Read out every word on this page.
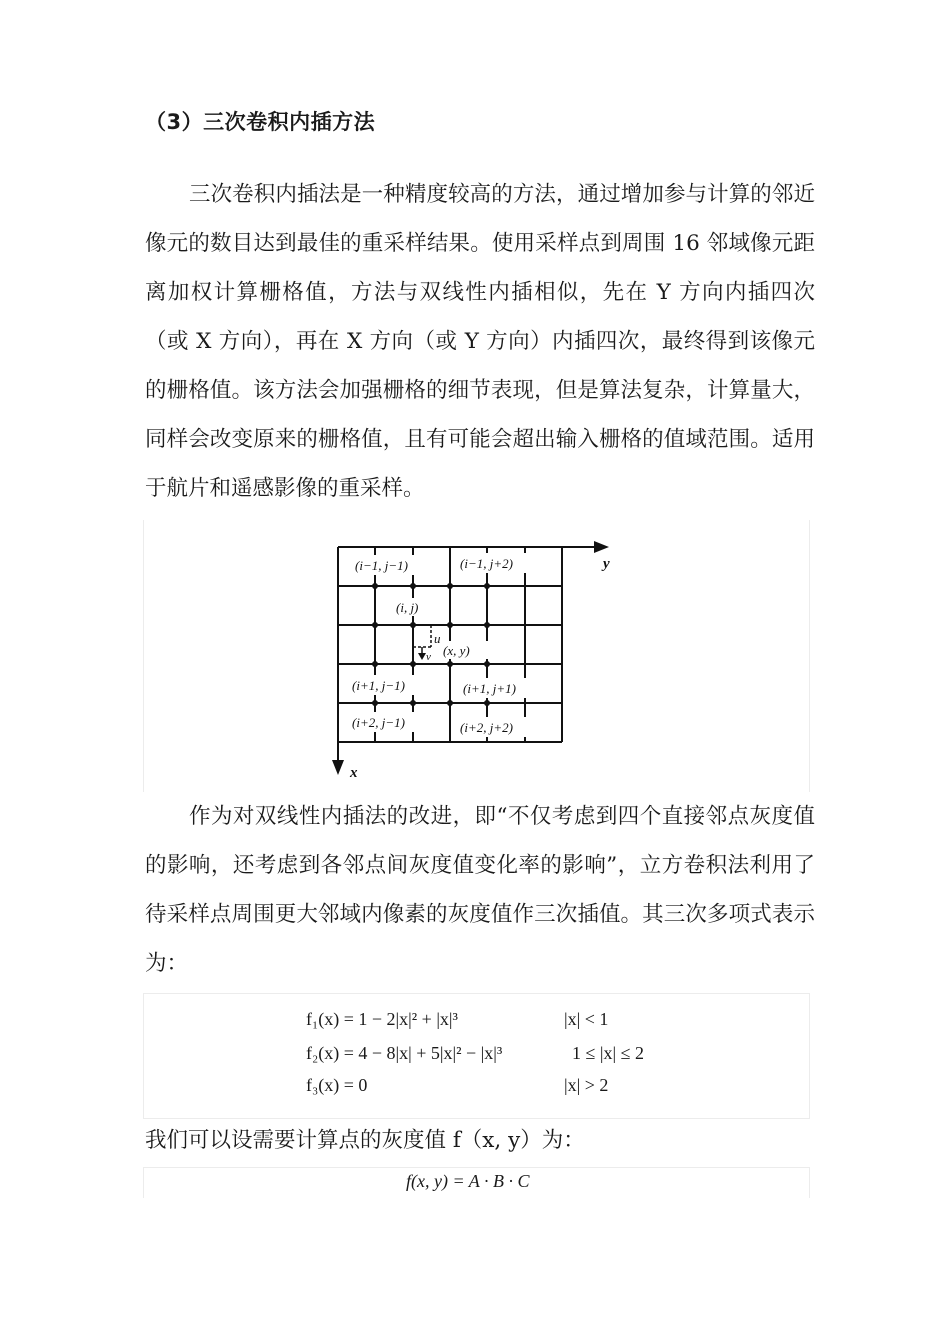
（3）三次卷积内插方法

三次卷积内插法是一种精度较高的方法，通过增加参与计算的邻近像元的数目达到最佳的重采样结果。使用采样点到周围 16 邻域像元距离加权计算栅格值，方法与双线性内插相似，先在 Y 方向内插四次（或 X 方向），再在 X 方向（或 Y 方向）内插四次，最终得到该像元的栅格值。该方法会加强栅格的细节表现，但是算法复杂，计算量大，同样会改变原来的栅格值，且有可能会超出输入栅格的值域范围。适用于航片和遥感影像的重采样。

(i−1, j−1)	(i−1, j+2)
(i, j)
u
v (x, y)
(i+1, j−1)	(i+1, j+1)
(i+2, j−1)	(i+2, j+2)
y
x

作为对双线性内插法的改进，即“不仅考虑到四个直接邻点灰度值的影响，还考虑到各邻点间灰度值变化率的影响”，立方卷积法利用了待采样点周围更大邻域内像素的灰度值作三次插值。其三次多项式表示为：

f₁(x) = 1 − 2|x|² + |x|³	|x| < 1
f₂(x) = 4 − 8|x| + 5|x|² − |x|³	1 ≤ |x| ≤ 2
f₃(x) = 0	|x| > 2

我们可以设需要计算点的灰度值 f（x, y）为：

f(x, y) = A · B · C
